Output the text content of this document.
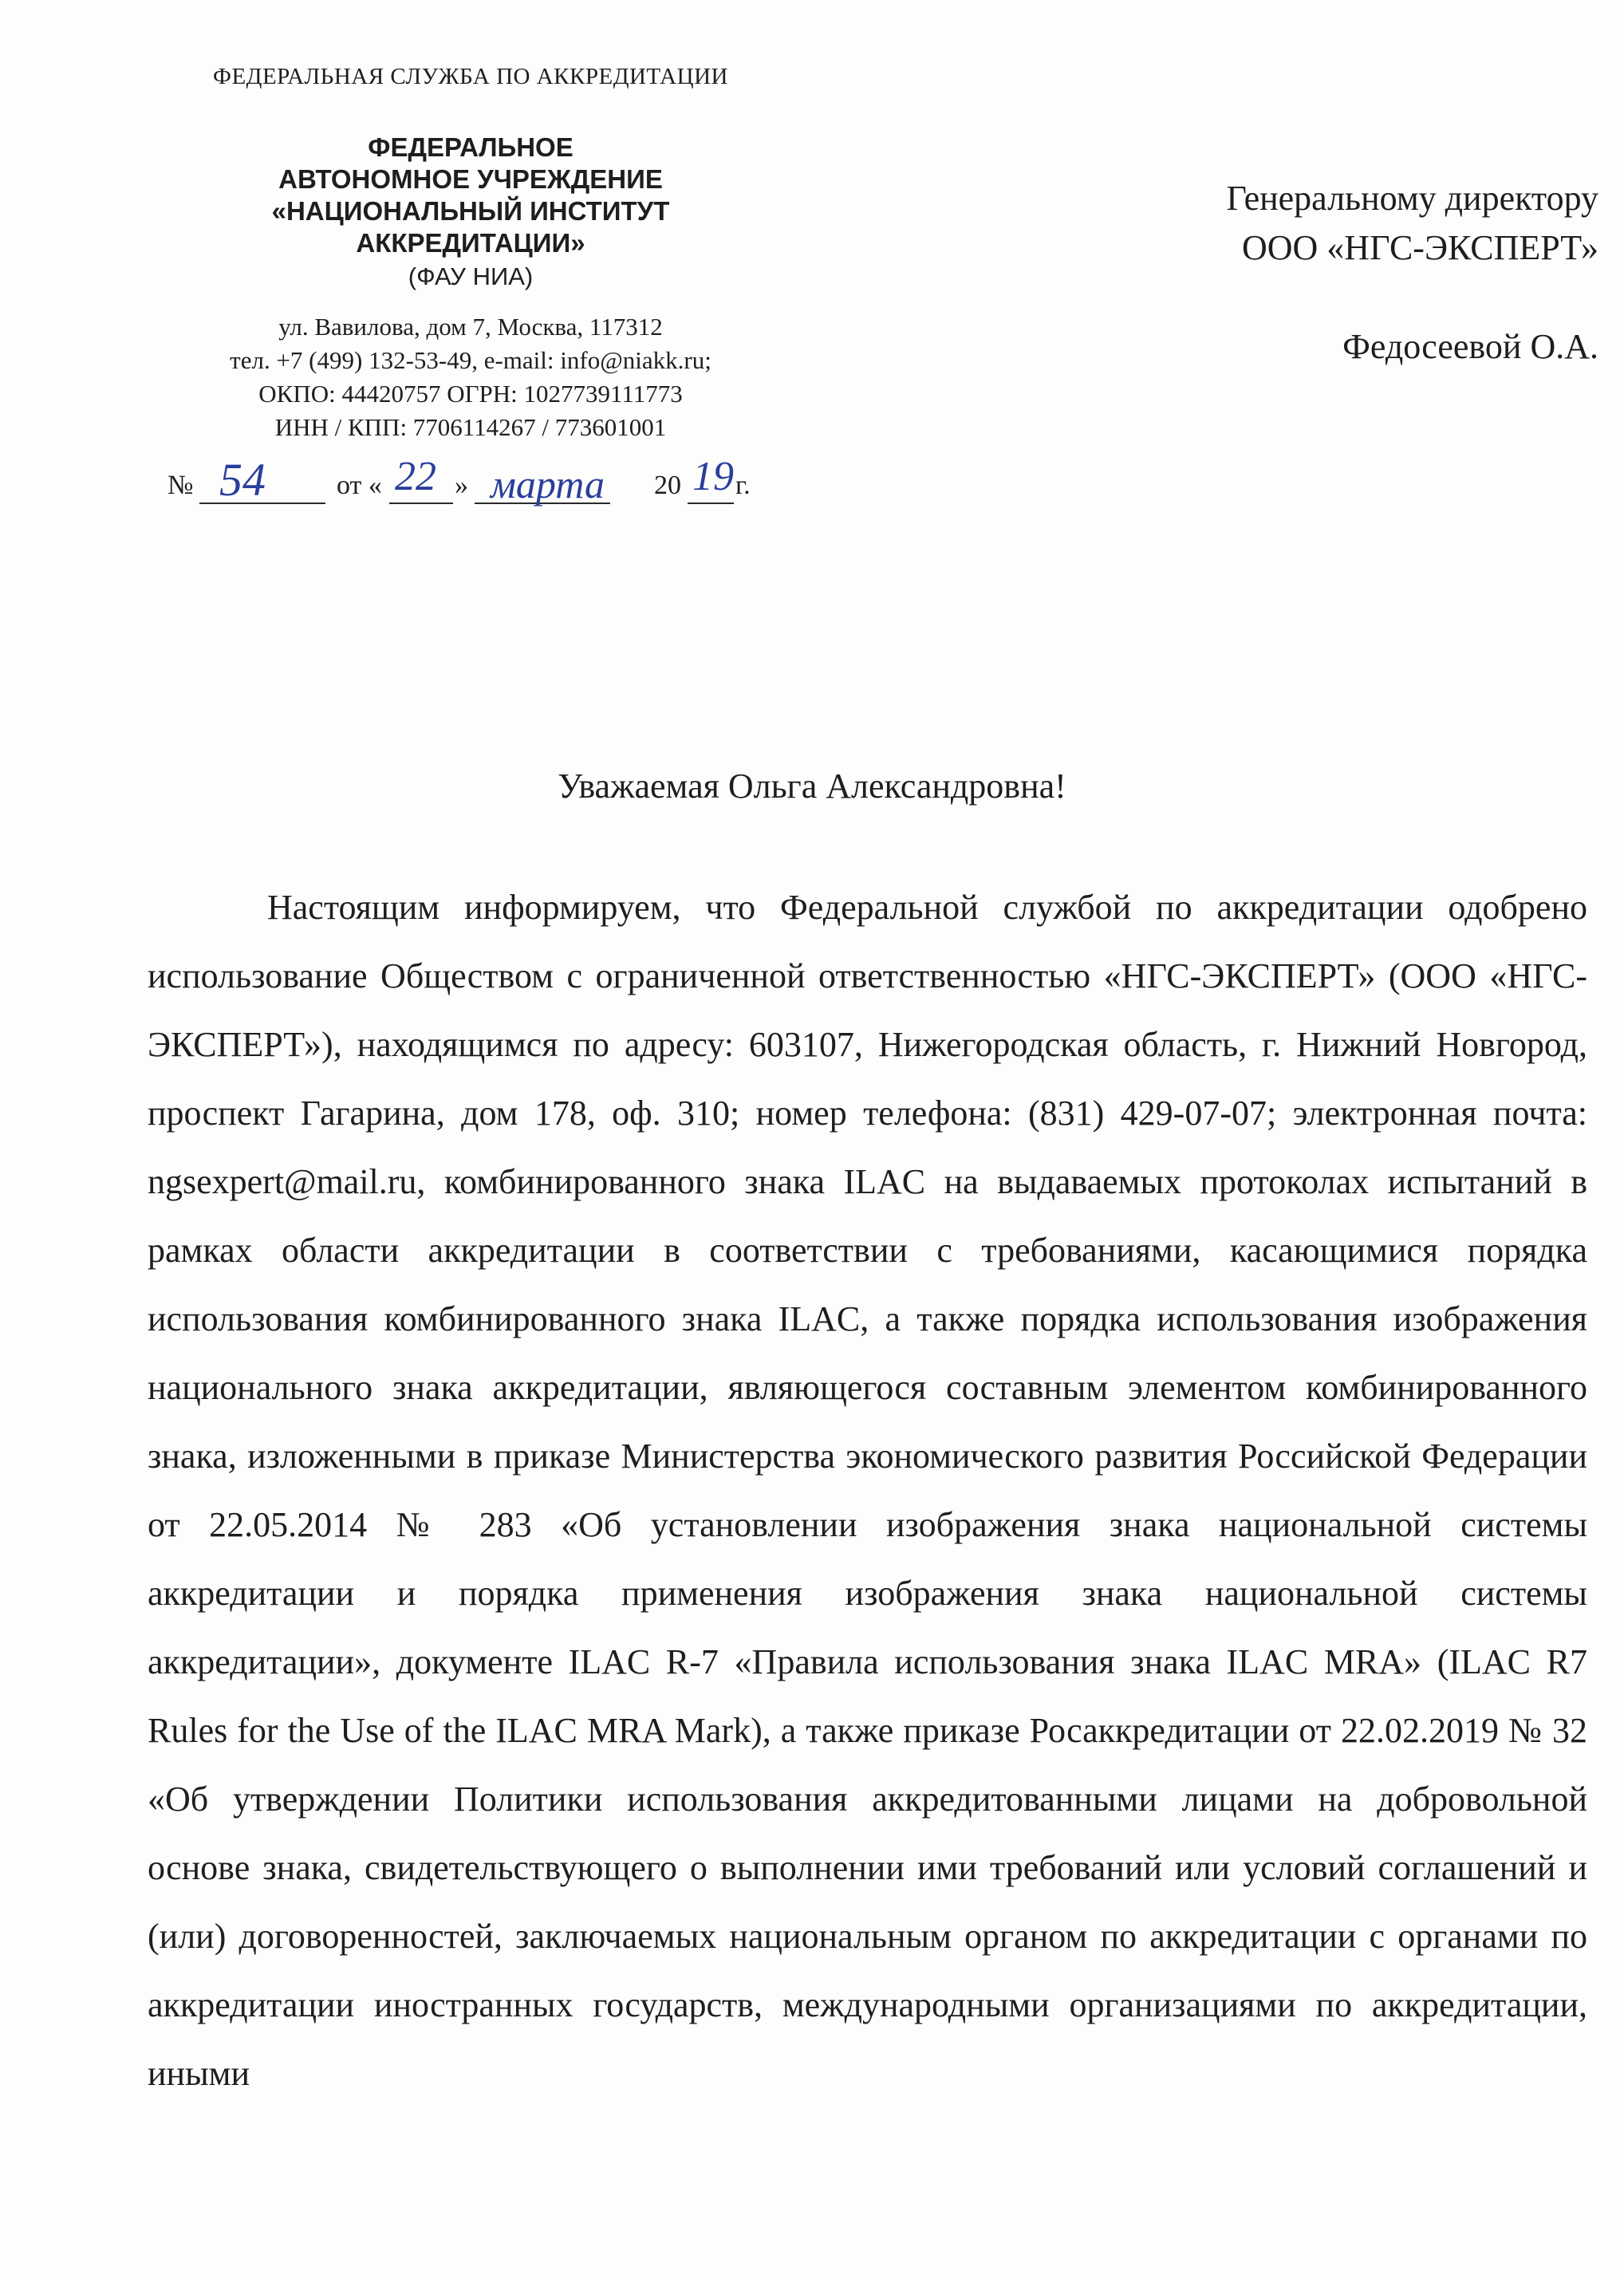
ФЕДЕРАЛЬНАЯ СЛУЖБА ПО АККРЕДИТАЦИИ
ФЕДЕРАЛЬНОЕ
АВТОНОМНОЕ УЧРЕЖДЕНИЕ
«НАЦИОНАЛЬНЫЙ ИНСТИТУТ
АККРЕДИТАЦИИ»
(ФАУ НИА)
ул. Вавилова, дом 7, Москва, 117312
тел. +7 (499) 132-53-49, e-mail: info@niakk.ru;
ОКПО: 44420757 ОГРН: 1027739111773
ИНН / КПП: 7706114267 / 773601001
№ 54	от « 22 » марта 20 19 г.
Генеральному директору
ООО «НГС-ЭКСПЕРТ»
Федосеевой О.А.
Уважаемая Ольга Александровна!

Настоящим информируем, что Федеральной службой по аккредитации одобрено использование Обществом с ограниченной ответственностью «НГС-ЭКСПЕРТ» (ООО «НГС-ЭКСПЕРТ»), находящимся по адресу: 603107, Нижегородская область, г. Нижний Новгород, проспект Гагарина, дом 178, оф. 310; номер телефона: (831) 429-07-07; электронная почта: ngsexpert@mail.ru, комбинированного знака ILAC на выдаваемых протоколах испытаний в рамках области аккредитации в соответствии с требованиями, касающимися порядка использования комбинированного знака ILAC, а также порядка использования изображения национального знака аккредитации, являющегося составным элементом комбинированного знака, изложенными в приказе Министерства экономического развития Российской Федерации от 22.05.2014 № 283 «Об установлении изображения знака национальной системы аккредитации и порядка применения изображения знака национальной системы аккредитации», документе ILAC R-7 «Правила использования знака ILAC MRA» (ILAC R7 Rules for the Use of the ILAC MRA Mark), а также приказе Росаккредитации от 22.02.2019 № 32 «Об утверждении Политики использования аккредитованными лицами на добровольной основе знака, свидетельствующего о выполнении ими требований или условий соглашений и (или) договоренностей, заключаемых национальным органом по аккредитации с органами по аккредитации иностранных государств, международными организациями по аккредитации, иными
